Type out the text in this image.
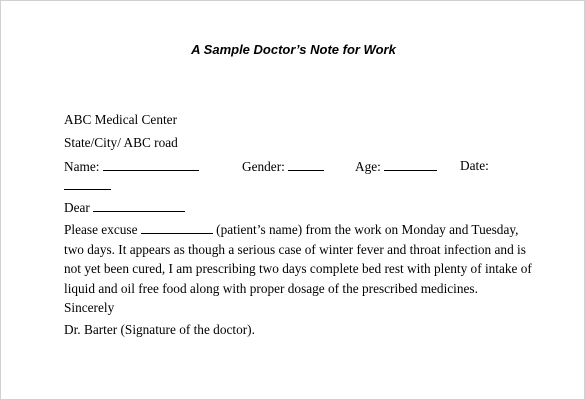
A Sample Doctor’s Note for Work
ABC Medical Center
State/City/ ABC road
Name:	Gender:	Age:	Date:
Dear
Please excuse	(patient’s name) from the work on Monday and Tuesday,
two days. It appears as though a serious case of winter fever and throat infection and is
not yet been cured, I am prescribing two days complete bed rest with plenty of intake of
liquid and oil free food along with proper dosage of the prescribed medicines.
Sincerely
Dr. Barter (Signature of the doctor).
